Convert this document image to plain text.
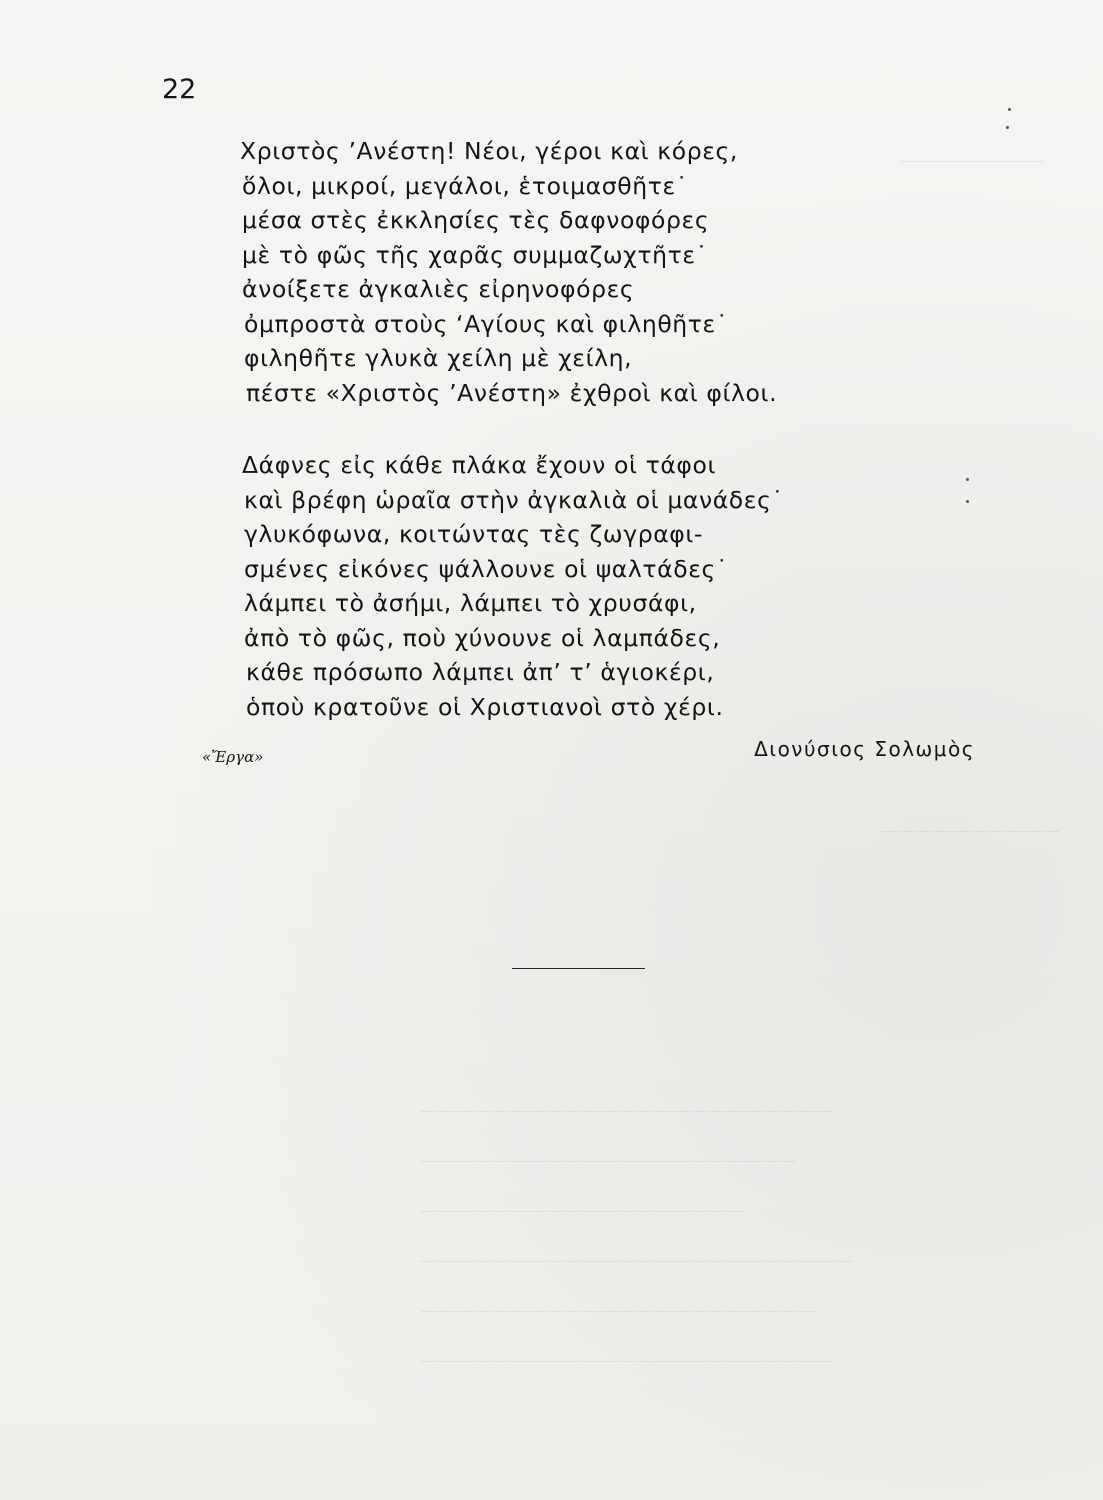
————————
——————————
———————————————————————
—————————————————————
——————————————————
————————————————————————
——————————————————————
———————————————————————
22
Χριστὸς ’Ανέστη! Νέοι, γέροι καὶ κόρες,
ὅλοι, μικροί, μεγάλοι, ἑτοιμασθῆτε˙
μέσα στὲς ἐκκλησίες τὲς δαφνοφόρες
μὲ τὸ φῶς τῆς χαρᾶς συμμαζωχτῆτε˙
ἀνοίξετε ἀγκαλιὲς εἰρηνοφόρες
ὀμπροστὰ στοὺς ‘Αγίους καὶ φιληθῆτε˙
φιληθῆτε γλυκὰ χείλη μὲ χείλη,
πέστε «Χριστὸς ’Ανέστη» ἐχθροὶ καὶ φίλοι.
Δάφνες εἰς κάθε πλάκα ἔχουν οἱ τάφοι
καὶ βρέφη ὡραῖα στὴν ἀγκαλιὰ οἱ μανάδες˙
γλυκόφωνα, κοιτώντας τὲς ζωγραφι-
σμένες εἰκόνες ψάλλουνε οἱ ψαλτάδες˙
λάμπει τὸ ἀσήμι, λάμπει τὸ χρυσάφι,
ἀπὸ τὸ φῶς, ποὺ χύνουνε οἱ λαμπάδες,
κάθε πρόσωπο λάμπει ἀπ’ τ’ ἁγιοκέρι,
ὁποὺ κρατοῦνε οἱ Χριστιανοὶ στὸ χέρι.
«Ἔργα»	Διονύσιος Σολωμὸς
